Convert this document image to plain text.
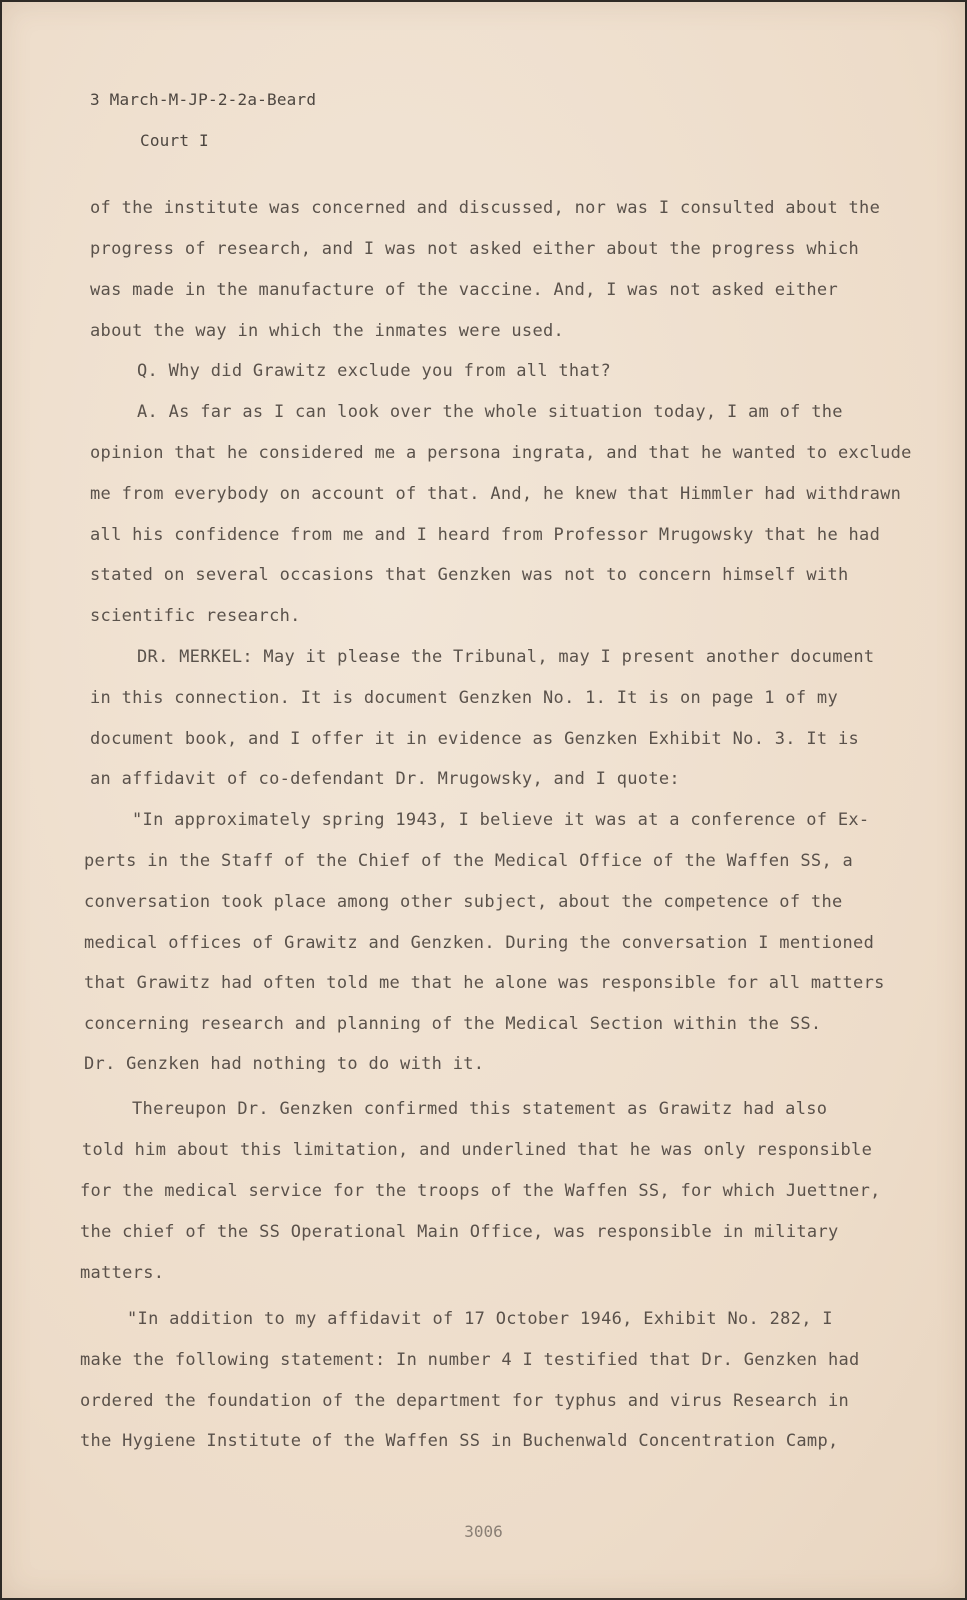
3 March-M-JP-2-2a-Beard
Court I
of the institute was concerned and discussed, nor was I consulted about the
progress of research, and I was not asked either about the progress which
was made in the manufacture of the vaccine. And, I was not asked either
about the way in which the inmates were used.
Q. Why did Grawitz exclude you from all that?
A. As far as I can look over the whole situation today, I am of the
opinion that he considered me a persona ingrata, and that he wanted to exclude
me from everybody on account of that. And, he knew that Himmler had withdrawn
all his confidence from me and I heard from Professor Mrugowsky that he had
stated on several occasions that Genzken was not to concern himself with
scientific research.
DR. MERKEL: May it please the Tribunal, may I present another document
in this connection. It is document Genzken No. 1. It is on page 1 of my
document book, and I offer it in evidence as Genzken Exhibit No. 3. It is
an affidavit of co-defendant Dr. Mrugowsky, and I quote:
"In approximately spring 1943, I believe it was at a conference of Ex-
perts in the Staff of the Chief of the Medical Office of the Waffen SS, a
conversation took place among other subject, about the competence of the
medical offices of Grawitz and Genzken. During the conversation I mentioned
that Grawitz had often told me that he alone was responsible for all matters
concerning research and planning of the Medical Section within the SS.
Dr. Genzken had nothing to do with it.
Thereupon Dr. Genzken confirmed this statement as Grawitz had also
told him about this limitation, and underlined that he was only responsible
for the medical service for the troops of the Waffen SS, for which Juettner,
the chief of the SS Operational Main Office, was responsible in military
matters.
"In addition to my affidavit of 17 October 1946, Exhibit No. 282, I
make the following statement: In number 4 I testified that Dr. Genzken had
ordered the foundation of the department for typhus and virus Research in
the Hygiene Institute of the Waffen SS in Buchenwald Concentration Camp,
3006
